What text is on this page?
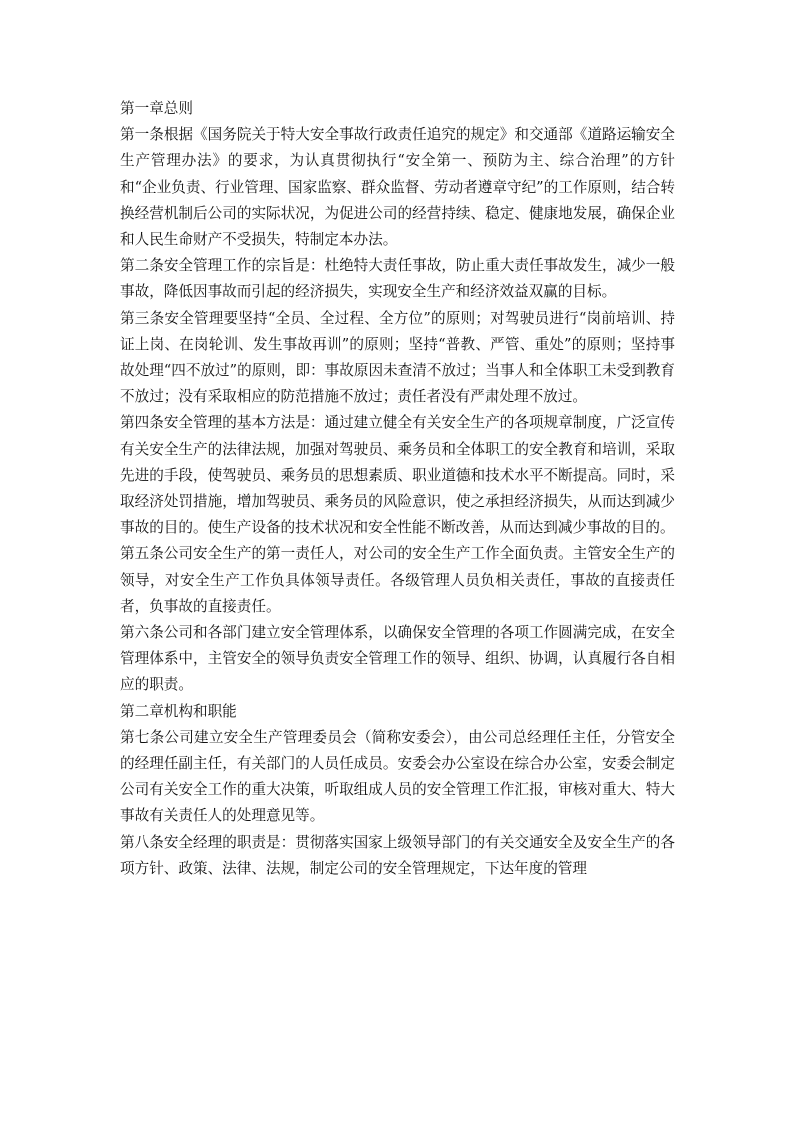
第一章总则

第一条根据《国务院关于特大安全事故行政责任追究的规定》和交通部《道路运输安全生产管理办法》的要求，为认真贯彻执行“安全第一、预防为主、综合治理”的方针和“企业负责、行业管理、国家监察、群众监督、劳动者遵章守纪”的工作原则，结合转换经营机制后公司的实际状况，为促进公司的经营持续、稳定、健康地发展，确保企业和人民生命财产不受损失，特制定本办法。

第二条安全管理工作的宗旨是：杜绝特大责任事故，防止重大责任事故发生，减少一般事故，降低因事故而引起的经济损失，实现安全生产和经济效益双赢的目标。

第三条安全管理要坚持“全员、全过程、全方位”的原则；对驾驶员进行“岗前培训、持证上岗、在岗轮训、发生事故再训”的原则；坚持“普教、严管、重处”的原则；坚持事故处理“四不放过”的原则，即：事故原因未查清不放过；当事人和全体职工未受到教育不放过；没有采取相应的防范措施不放过；责任者没有严肃处理不放过。

第四条安全管理的基本方法是：通过建立健全有关安全生产的各项规章制度，广泛宣传有关安全生产的法律法规，加强对驾驶员、乘务员和全体职工的安全教育和培训，采取先进的手段，使驾驶员、乘务员的思想素质、职业道德和技术水平不断提高。同时，采取经济处罚措施，增加驾驶员、乘务员的风险意识，使之承担经济损失，从而达到减少事故的目的。使生产设备的技术状况和安全性能不断改善，从而达到减少事故的目的。

第五条公司安全生产的第一责任人，对公司的安全生产工作全面负责。主管安全生产的领导，对安全生产工作负具体领导责任。各级管理人员负相关责任，事故的直接责任者，负事故的直接责任。

第六条公司和各部门建立安全管理体系，以确保安全管理的各项工作圆满完成，在安全管理体系中，主管安全的领导负责安全管理工作的领导、组织、协调，认真履行各自相应的职责。

第二章机构和职能

第七条公司建立安全生产管理委员会（简称安委会），由公司总经理任主任，分管安全的经理任副主任，有关部门的人员任成员。安委会办公室设在综合办公室，安委会制定公司有关安全工作的重大决策，听取组成人员的安全管理工作汇报，审核对重大、特大事故有关责任人的处理意见等。

第八条安全经理的职责是：贯彻落实国家上级领导部门的有关交通安全及安全生产的各项方针、政策、法律、法规，制定公司的安全管理规定，下达年度的管理
